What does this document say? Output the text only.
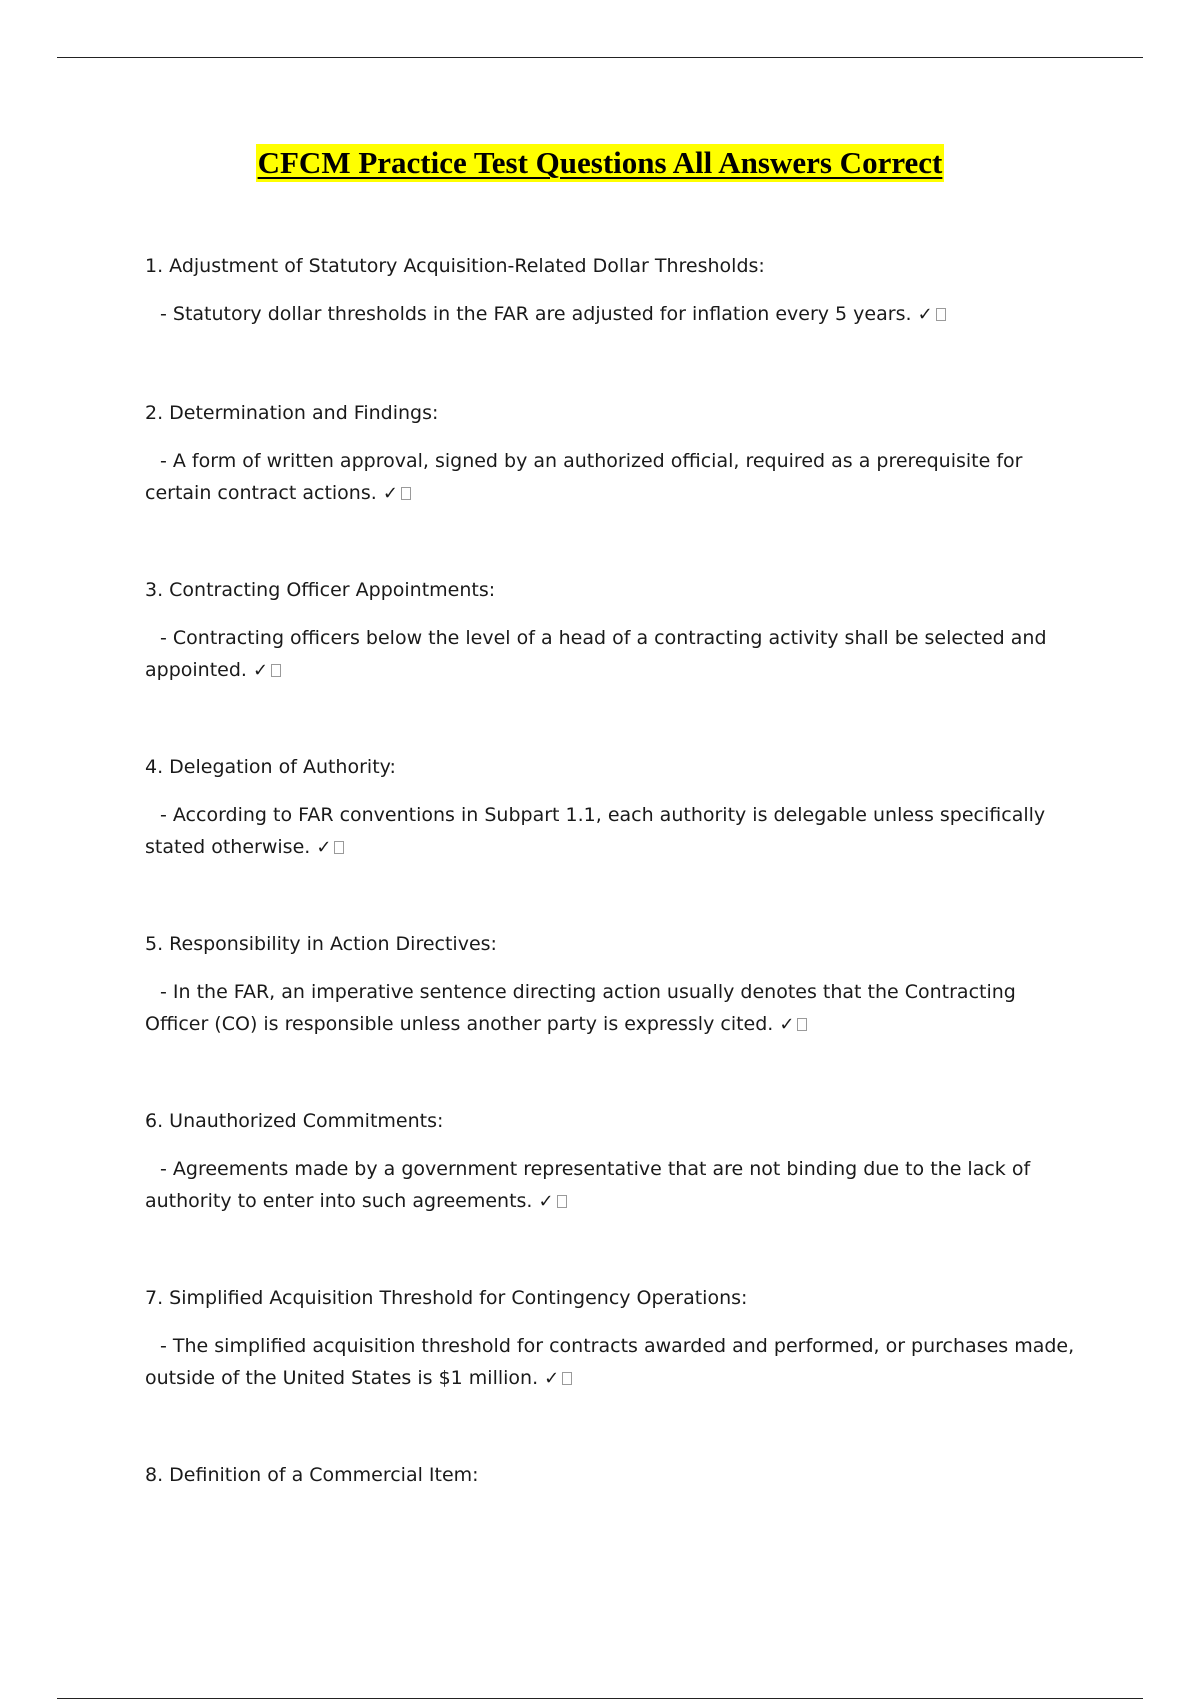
CFCM Practice Test Questions All Answers Correct

1. Adjustment of Statutory Acquisition-Related Dollar Thresholds:

- Statutory dollar thresholds in the FAR are adjusted for inflation every 5 years. ✓

2. Determination and Findings:

- A form of written approval, signed by an authorized official, required as a prerequisite for certain contract actions. ✓

3. Contracting Officer Appointments:

- Contracting officers below the level of a head of a contracting activity shall be selected and appointed. ✓

4. Delegation of Authority:

- According to FAR conventions in Subpart 1.1, each authority is delegable unless specifically stated otherwise. ✓

5. Responsibility in Action Directives:

- In the FAR, an imperative sentence directing action usually denotes that the Contracting Officer (CO) is responsible unless another party is expressly cited. ✓

6. Unauthorized Commitments:

- Agreements made by a government representative that are not binding due to the lack of authority to enter into such agreements. ✓

7. Simplified Acquisition Threshold for Contingency Operations:

- The simplified acquisition threshold for contracts awarded and performed, or purchases made, outside of the United States is $1 million. ✓

8. Definition of a Commercial Item:
